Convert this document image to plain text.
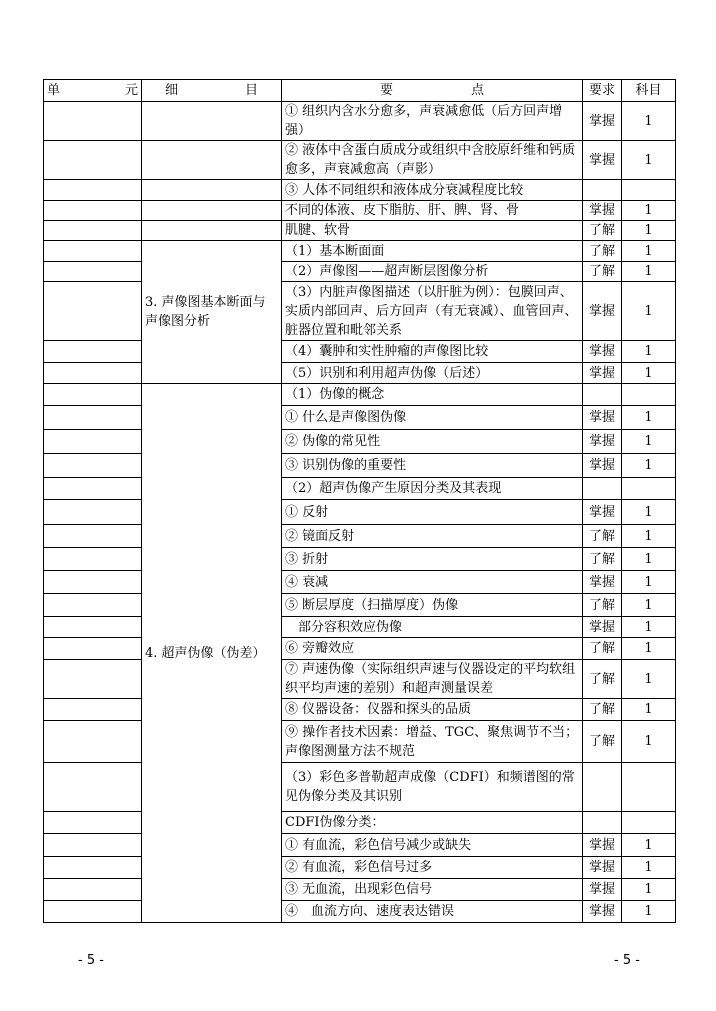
单 元	细 目	要 点	要求	科目
		① 组织内含水分愈多，声衰减愈低（后方回声增强）	掌握	1
		② 液体中含蛋白质成分或组织中含胶原纤维和钙质愈多，声衰减愈高（声影）	掌握	1
		③ 人体不同组织和液体成分衰减程度比较		
		不同的体液、皮下脂肪、肝、脾、肾、骨	掌握	1
		肌腱、软骨	了解	1
	3. 声像图基本断面与声像图分析	（1）基本断面面	了解	1
		（2）声像图——超声断层图像分析	了解	1
		（3）内脏声像图描述（以肝脏为例）：包膜回声、实质内部回声、后方回声（有无衰减）、血管回声、脏器位置和毗邻关系	掌握	1
		（4）囊肿和实性肿瘤的声像图比较	掌握	1
		（5）识别和利用超声伪像（后述）	掌握	1
	4. 超声伪像（伪差）	（1）伪像的概念		
		① 什么是声像图伪像	掌握	1
		② 伪像的常见性	掌握	1
		③ 识别伪像的重要性	掌握	1
		（2）超声伪像产生原因分类及其表现		
		① 反射	掌握	1
		② 镜面反射	了解	1
		③ 折射	了解	1
		④ 衰减	掌握	1
		⑤ 断层厚度（扫描厚度）伪像	了解	1
		　部分容积效应伪像	掌握	1
		⑥ 旁瓣效应	了解	1
		⑦ 声速伪像（实际组织声速与仪器设定的平均软组织平均声速的差别）和超声测量误差	了解	1
		⑧ 仪器设备：仪器和探头的品质	了解	1
		⑨ 操作者技术因素：增益、TGC、聚焦调节不当；声像图测量方法不规范	了解	1
		（3）彩色多普勒超声成像（CDFI）和频谱图的常见伪像分类及其识别		
		CDFI伪像分类：		
		① 有血流，彩色信号减少或缺失	掌握	1
		② 有血流，彩色信号过多	掌握	1
		③ 无血流，出现彩色信号	掌握	1
		④　血流方向、速度表达错误	掌握	1
- 5 -	- 5 -
